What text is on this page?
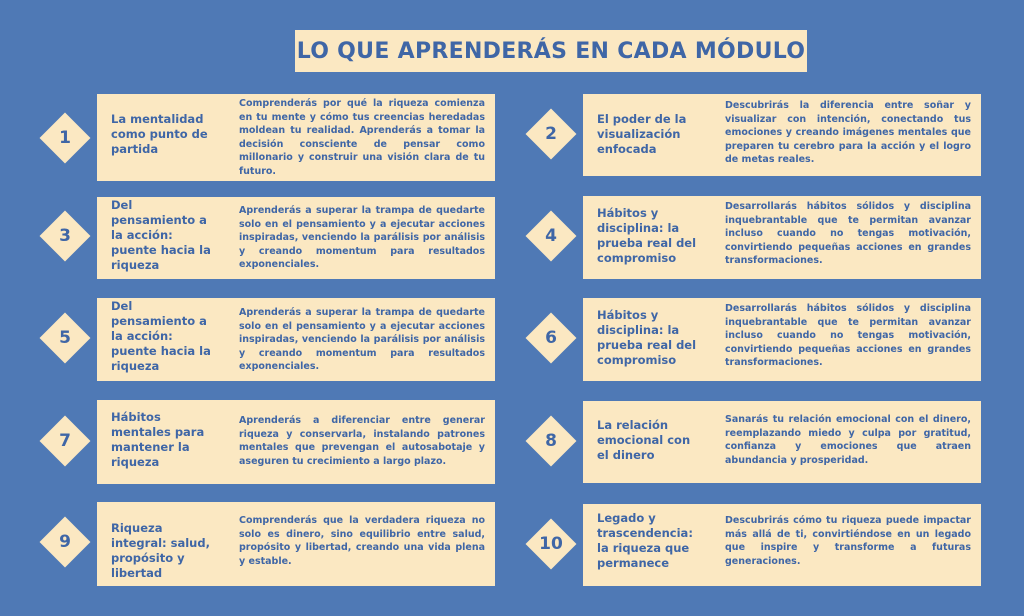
LO QUE APRENDERÁS EN CADA MÓDULO
1
La mentalidad como punto de partida
Comprenderás por qué la riqueza comienza en tu mente y cómo tus creencias heredadas moldean tu realidad. Aprenderás a tomar la decisión consciente de pensar como millonario y construir una visión clara de tu futuro.
3
Del pensamiento a la acción: puente hacia la riqueza
Aprenderás a superar la trampa de quedarte solo en el pensamiento y a ejecutar acciones inspiradas, venciendo la parálisis por análisis y creando momentum para resultados exponenciales.
5
Del pensamiento a la acción: puente hacia la riqueza
Aprenderás a superar la trampa de quedarte solo en el pensamiento y a ejecutar acciones inspiradas, venciendo la parálisis por análisis y creando momentum para resultados exponenciales.
7
Hábitos mentales para mantener la riqueza
Aprenderás a diferenciar entre generar riqueza y conservarla, instalando patrones mentales que prevengan el autosabotaje y aseguren tu crecimiento a largo plazo.
9
Riqueza integral: salud, propósito y libertad
Comprenderás que la verdadera riqueza no solo es dinero, sino equilibrio entre salud, propósito y libertad, creando una vida plena y estable.
2
El poder de la visualización enfocada
Descubrirás la diferencia entre soñar y visualizar con intención, conectando tus emociones y creando imágenes mentales que preparen tu cerebro para la acción y el logro de metas reales.
4
Hábitos y disciplina: la prueba real del compromiso
Desarrollarás hábitos sólidos y disciplina inquebrantable que te permitan avanzar incluso cuando no tengas motivación, convirtiendo pequeñas acciones en grandes transformaciones.
6
Hábitos y disciplina: la prueba real del compromiso
Desarrollarás hábitos sólidos y disciplina inquebrantable que te permitan avanzar incluso cuando no tengas motivación, convirtiendo pequeñas acciones en grandes transformaciones.
8
La relación emocional con el dinero
Sanarás tu relación emocional con el dinero, reemplazando miedo y culpa por gratitud, confianza y emociones que atraen abundancia y prosperidad.
10
Legado y trascendencia: la riqueza que permanece
Descubrirás cómo tu riqueza puede impactar más allá de ti, convirtiéndose en un legado que inspire y transforme a futuras generaciones.
